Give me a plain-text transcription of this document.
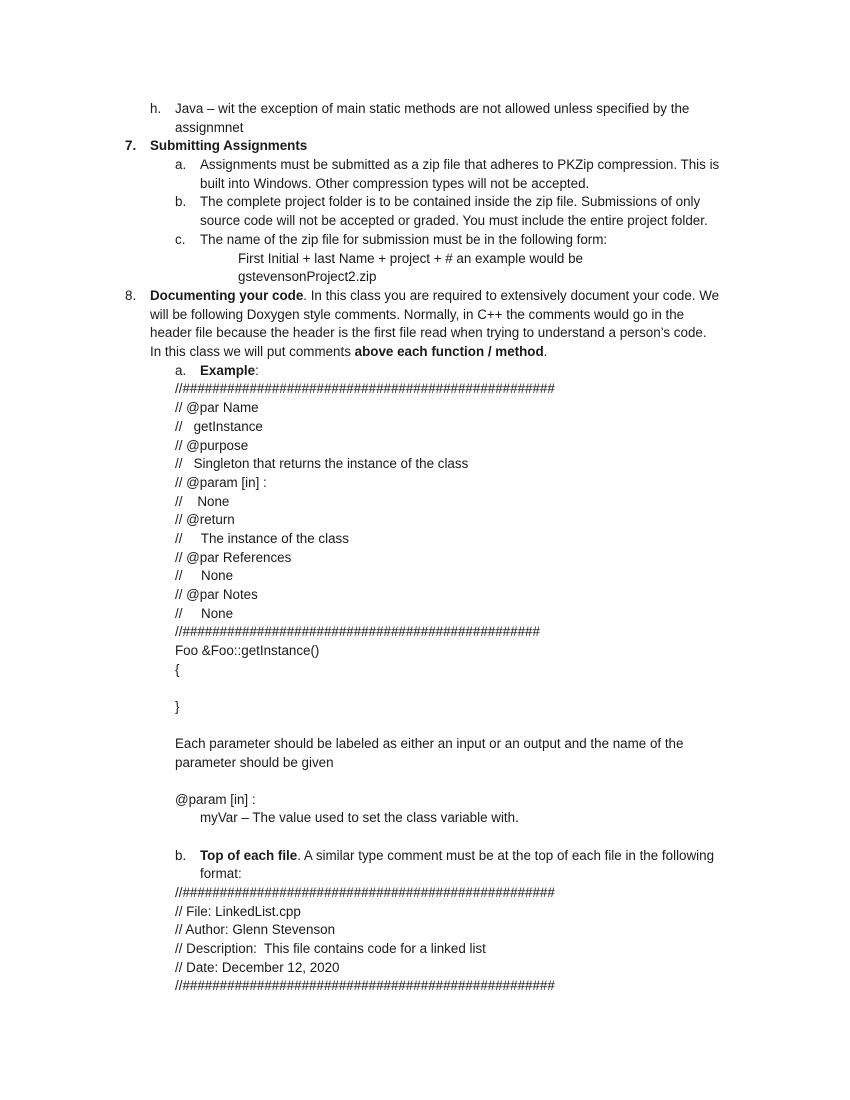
h. Java – wit the exception of main static methods are not allowed unless specified by the
assignmnet
7. Submitting Assignments
a. Assignments must be submitted as a zip file that adheres to PKZip compression. This is
built into Windows. Other compression types will not be accepted.
b. The complete project folder is to be contained inside the zip file. Submissions of only
source code will not be accepted or graded. You must include the entire project folder.
c. The name of the zip file for submission must be in the following form:
First Initial + last Name + project + # an example would be
gstevensonProject2.zip
8. Documenting your code. In this class you are required to extensively document your code. We
will be following Doxygen style comments. Normally, in C++ the comments would go in the
header file because the header is the first file read when trying to understand a person’s code.
In this class we will put comments above each function / method.
a. Example:
//##################################################
// @par Name
//   getInstance
// @purpose
//   Singleton that returns the instance of the class
// @param [in] :
//    None
// @return
//     The instance of the class
// @par References
//     None
// @par Notes
//     None
//################################################
Foo &Foo::getInstance()
{
}
Each parameter should be labeled as either an input or an output and the name of the
parameter should be given
@param [in] :
myVar – The value used to set the class variable with.
b. Top of each file. A similar type comment must be at the top of each file in the following
format:
//##################################################
// File: LinkedList.cpp
// Author: Glenn Stevenson
// Description:  This file contains code for a linked list
// Date: December 12, 2020
//##################################################
